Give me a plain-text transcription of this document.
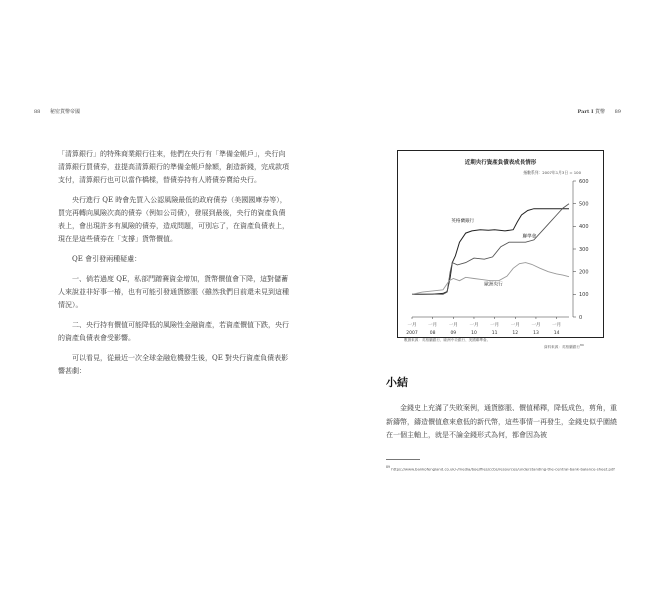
88 秘密貨幣帝國	Part I 貨幣 89

「清算銀行」的特殊商業銀行往來，他們在央行有「準備金帳戶」，央行向清算銀行買債券，並提高清算銀行的準備金帳戶餘額，創造新錢，完成款項支付，清算銀行也可以當作橋樑，替債券持有人將債券賣給央行。

央行進行 QE 時會先買入公認風險最低的政府債券（美國國庫券等），買完再轉向風險次高的債券（例如公司債），發展到最後，央行的資產負債表上，會出現許多有風險的債券，造成問題，可別忘了，在資產負債表上，現在是這些債券在「支撐」貨幣價值。

QE 會引發兩種疑慮：

一、倘若過度 QE，私部門蹭賽資金增加，貨幣價值會下降，這對儲蓄人來說並非好事一椿，也有可能引發通貨膨脹（雖然我們目前還未見到這種情況）。

二、央行持有價值可能降低的風險性金融資產，若資產價值下跌，央行的資產負債表會受影響。

可以看見，從最近一次全球金融危機發生後，QE 對央行資產負債表影響甚劇：

近期央行資產負債表成長情形
指數系列：2007年1月3日 = 100
0
100
200
300
400
500
600
一月
2007
一月
08
一月
09
一月
10
一月
11
一月
12
一月
13
一月
14
英格蘭銀行
聯準會
歐洲央行
數據來源：英格蘭銀行、歐洲中央銀行、美國聯準會。
資料來源：英格蘭銀行$^{89}$
小結

金錢史上充滿了失敗案例，通貨膨脹、價值稀釋，降低成色，剪角，重新鑄幣，鑄造價值愈來愈低的新代幣，這些事情一再發生，金錢史似乎圍繞在一個主軸上，就是不論金錢形式為何，都會因為被

$^{89}$ https://www.bankofengland.co.uk/-/media/boe/files/ccbs/resources/understanding-the-central-bank-balance-sheet.pdf
